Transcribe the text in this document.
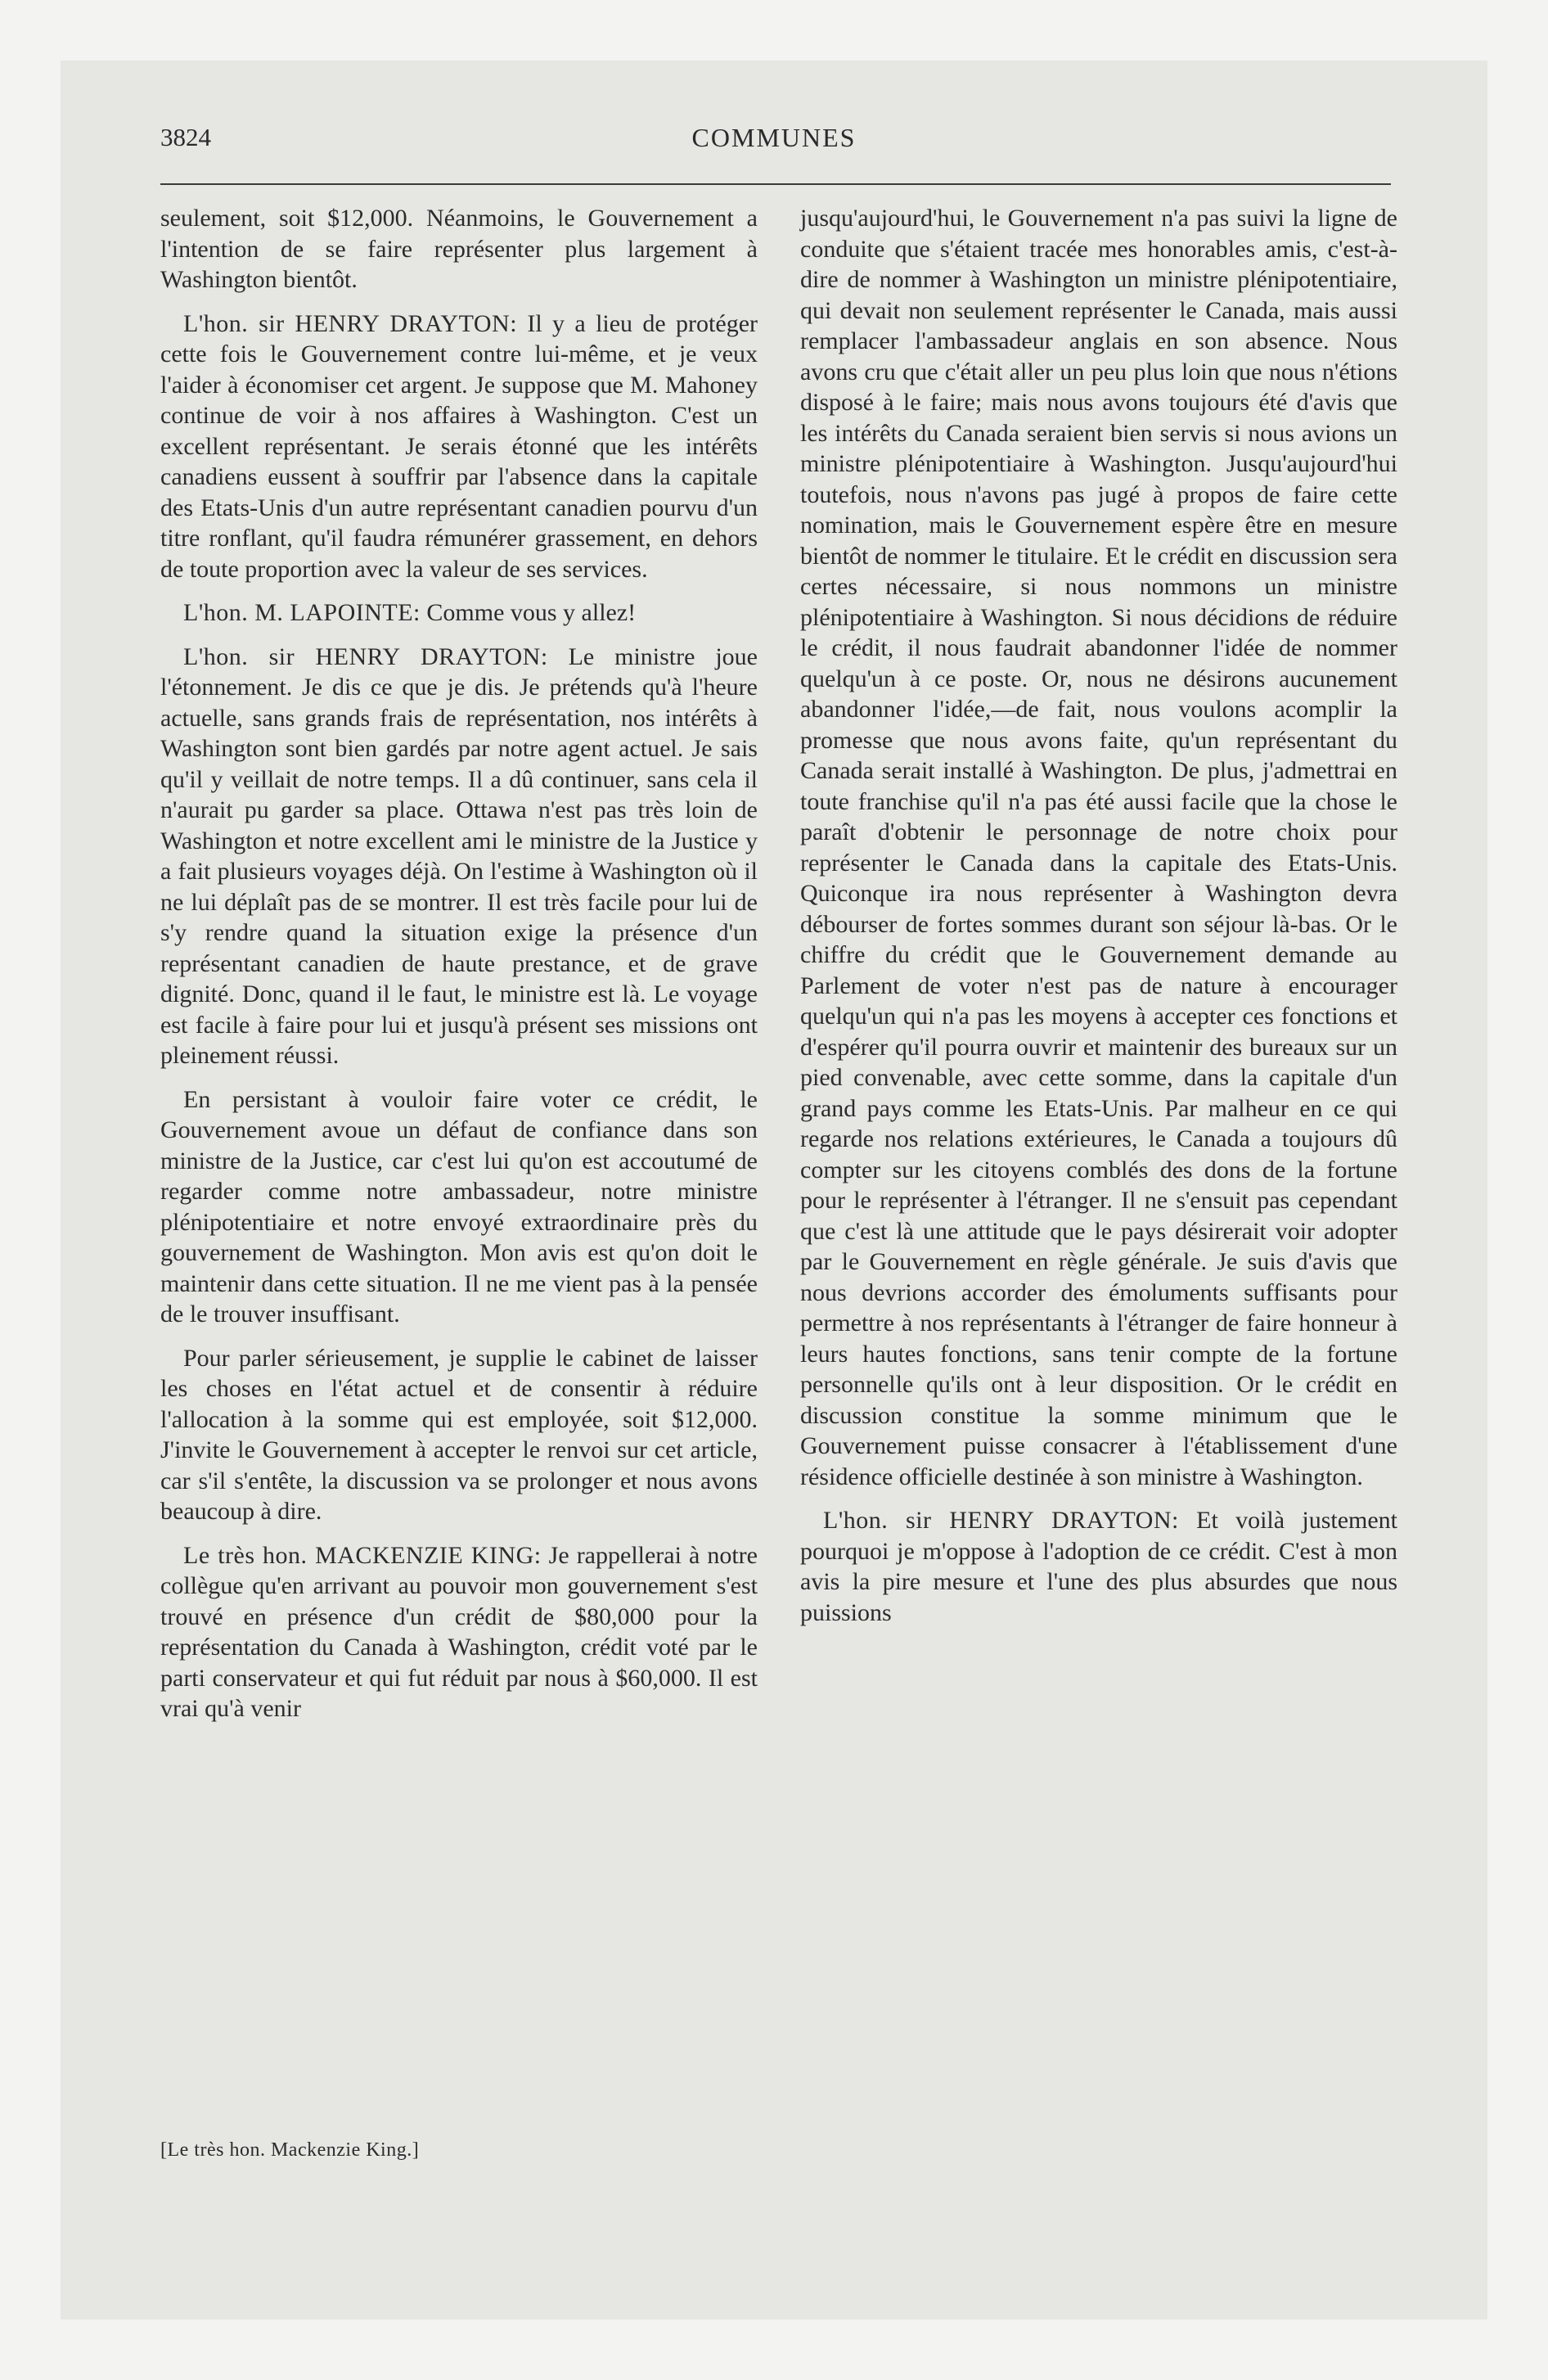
3824	COMMUNES

seulement, soit $12,000. Néanmoins, le Gouvernement a l'intention de se faire représenter plus largement à Washington bientôt.

L'hon. sir HENRY DRAYTON: Il y a lieu de protéger cette fois le Gouvernement contre lui-même, et je veux l'aider à économiser cet argent. Je suppose que M. Mahoney continue de voir à nos affaires à Washington. C'est un excellent représentant. Je serais étonné que les intérêts canadiens eussent à souffrir par l'absence dans la capitale des Etats-Unis d'un autre représentant canadien pourvu d'un titre ronflant, qu'il faudra rémunérer grassement, en dehors de toute proportion avec la valeur de ses services.

L'hon. M. LAPOINTE: Comme vous y allez!

L'hon. sir HENRY DRAYTON: Le ministre joue l'étonnement. Je dis ce que je dis. Je prétends qu'à l'heure actuelle, sans grands frais de représentation, nos intérêts à Washington sont bien gardés par notre agent actuel. Je sais qu'il y veillait de notre temps. Il a dû continuer, sans cela il n'aurait pu garder sa place. Ottawa n'est pas très loin de Washington et notre excellent ami le ministre de la Justice y a fait plusieurs voyages déjà. On l'estime à Washington où il ne lui déplaît pas de se montrer. Il est très facile pour lui de s'y rendre quand la situation exige la présence d'un représentant canadien de haute prestance, et de grave dignité. Donc, quand il le faut, le ministre est là. Le voyage est facile à faire pour lui et jusqu'à présent ses missions ont pleinement réussi.

En persistant à vouloir faire voter ce crédit, le Gouvernement avoue un défaut de confiance dans son ministre de la Justice, car c'est lui qu'on est accoutumé de regarder comme notre ambassadeur, notre ministre plénipotentiaire et notre envoyé extraordinaire près du gouvernement de Washington. Mon avis est qu'on doit le maintenir dans cette situation. Il ne me vient pas à la pensée de le trouver insuffisant.

Pour parler sérieusement, je supplie le cabinet de laisser les choses en l'état actuel et de consentir à réduire l'allocation à la somme qui est employée, soit $12,000. J'invite le Gouvernement à accepter le renvoi sur cet article, car s'il s'entête, la discussion va se prolonger et nous avons beaucoup à dire.

Le très hon. MACKENZIE KING: Je rappellerai à notre collègue qu'en arrivant au pouvoir mon gouvernement s'est trouvé en présence d'un crédit de $80,000 pour la représentation du Canada à Washington, crédit voté par le parti conservateur et qui fut réduit par nous à $60,000. Il est vrai qu'à venir

jusqu'aujourd'hui, le Gouvernement n'a pas suivi la ligne de conduite que s'étaient tracée mes honorables amis, c'est-à-dire de nommer à Washington un ministre plénipotentiaire, qui devait non seulement représenter le Canada, mais aussi remplacer l'ambassadeur anglais en son absence. Nous avons cru que c'était aller un peu plus loin que nous n'étions disposé à le faire; mais nous avons toujours été d'avis que les intérêts du Canada seraient bien servis si nous avions un ministre plénipotentiaire à Washington. Jusqu'aujourd'hui toutefois, nous n'avons pas jugé à propos de faire cette nomination, mais le Gouvernement espère être en mesure bientôt de nommer le titulaire. Et le crédit en discussion sera certes nécessaire, si nous nommons un ministre plénipotentiaire à Washington. Si nous décidions de réduire le crédit, il nous faudrait abandonner l'idée de nommer quelqu'un à ce poste. Or, nous ne désirons aucunement abandonner l'idée,—de fait, nous voulons acomplir la promesse que nous avons faite, qu'un représentant du Canada serait installé à Washington. De plus, j'admettrai en toute franchise qu'il n'a pas été aussi facile que la chose le paraît d'obtenir le personnage de notre choix pour représenter le Canada dans la capitale des Etats-Unis. Quiconque ira nous représenter à Washington devra débourser de fortes sommes durant son séjour là-bas. Or le chiffre du crédit que le Gouvernement demande au Parlement de voter n'est pas de nature à encourager quelqu'un qui n'a pas les moyens à accepter ces fonctions et d'espérer qu'il pourra ouvrir et maintenir des bureaux sur un pied convenable, avec cette somme, dans la capitale d'un grand pays comme les Etats-Unis. Par malheur en ce qui regarde nos relations extérieures, le Canada a toujours dû compter sur les citoyens comblés des dons de la fortune pour le représenter à l'étranger. Il ne s'ensuit pas cependant que c'est là une attitude que le pays désirerait voir adopter par le Gouvernement en règle générale. Je suis d'avis que nous devrions accorder des émoluments suffisants pour permettre à nos représentants à l'étranger de faire honneur à leurs hautes fonctions, sans tenir compte de la fortune personnelle qu'ils ont à leur disposition. Or le crédit en discussion constitue la somme minimum que le Gouvernement puisse consacrer à l'établissement d'une résidence officielle destinée à son ministre à Washington.

L'hon. sir HENRY DRAYTON: Et voilà justement pourquoi je m'oppose à l'adoption de ce crédit. C'est à mon avis la pire mesure et l'une des plus absurdes que nous puissions

[Le très hon. Mackenzie King.]
